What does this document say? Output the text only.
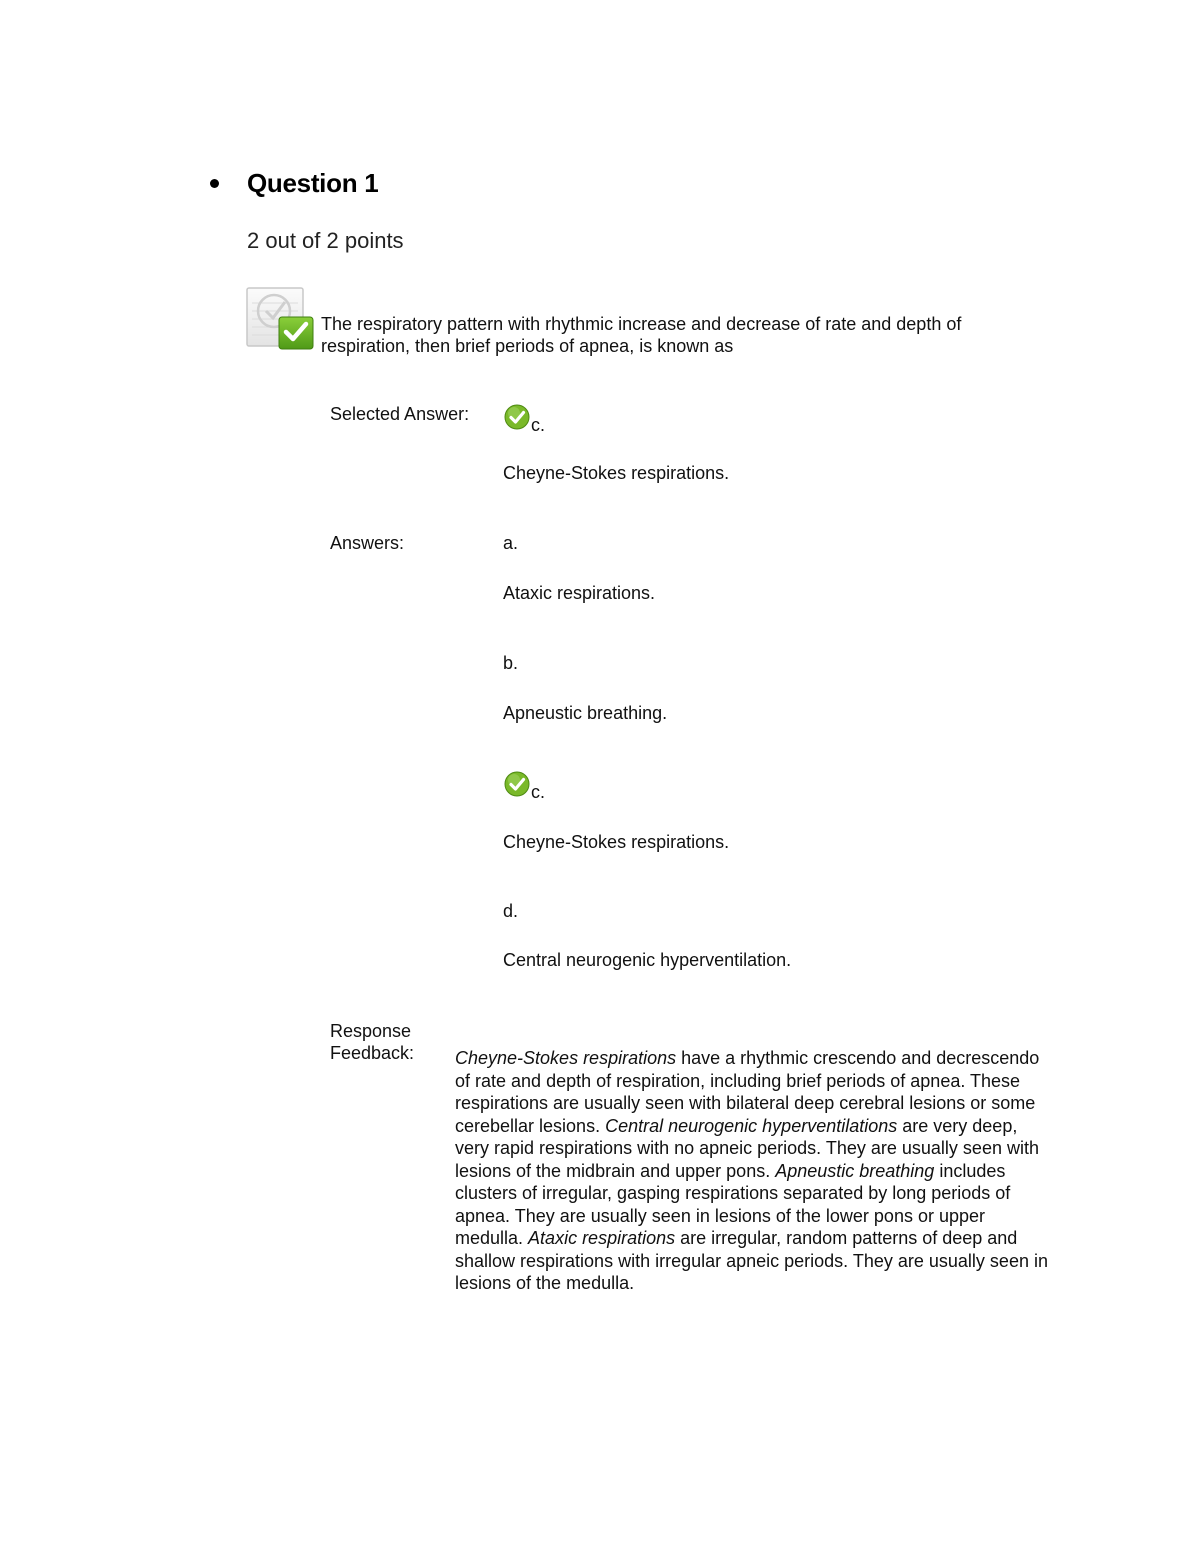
Question 1
2 out of 2 points
The respiratory pattern with rhythmic increase and decrease of rate and depth of respiration, then brief periods of apnea, is known as
Selected Answer:
c.
Cheyne-Stokes respirations.
Answers:	a.
Ataxic respirations.
b.
Apneustic breathing.
c.
Cheyne-Stokes respirations.
d.
Central neurogenic hyperventilation.
Response
Feedback: Cheyne-Stokes respirations have a rhythmic crescendo and decrescendo of rate and depth of respiration, including brief periods of apnea. These respirations are usually seen with bilateral deep cerebral lesions or some cerebellar lesions. Central neurogenic hyperventilations are very deep, very rapid respirations with no apneic periods. They are usually seen with lesions of the midbrain and upper pons. Apneustic breathing includes clusters of irregular, gasping respirations separated by long periods of apnea. They are usually seen in lesions of the lower pons or upper medulla. Ataxic respirations are irregular, random patterns of deep and shallow respirations with irregular apneic periods. They are usually seen in lesions of the medulla.
